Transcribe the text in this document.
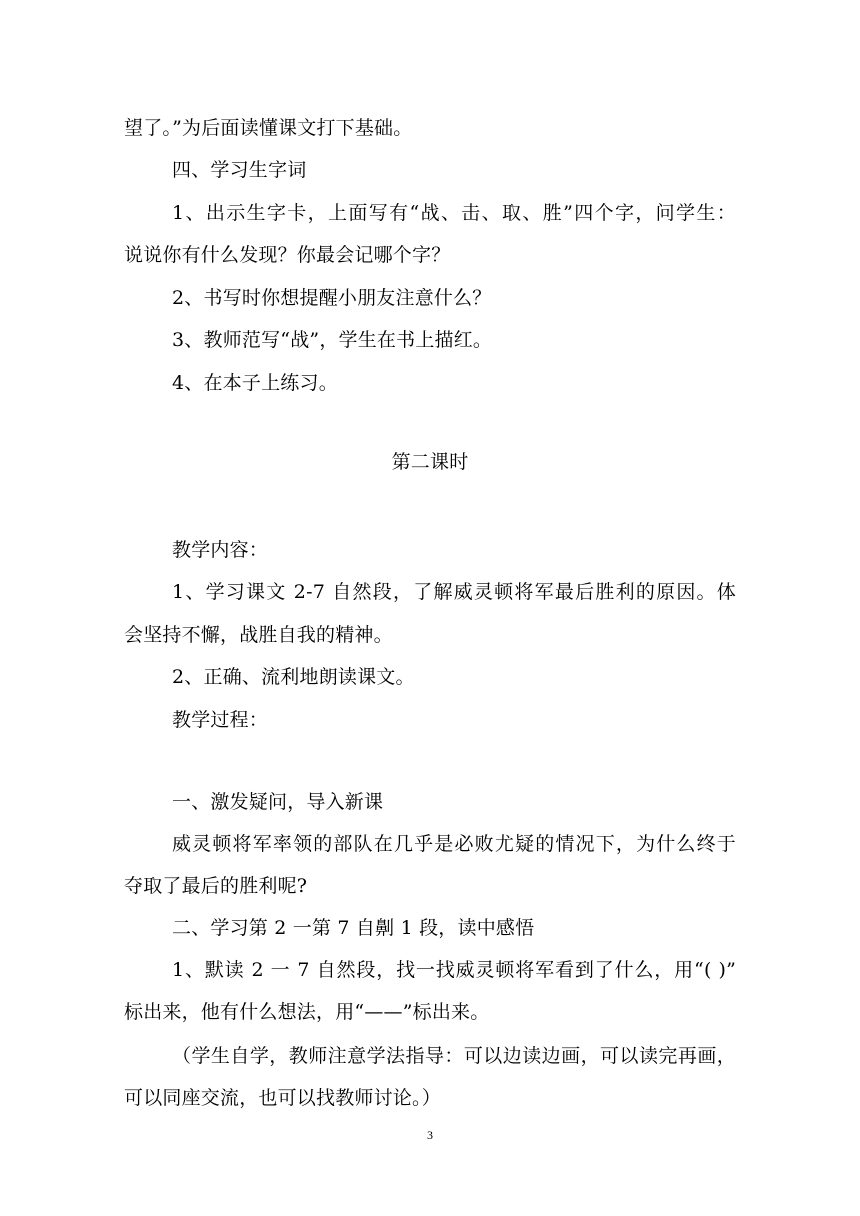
望了。”为后面读懂课文打下基础。
四、学习生字词
1、出示生字卡，上面写有“战、击、取、胜”四个字，问学生：
说说你有什么发现？你最会记哪个字？
2、书写时你想提醒小朋友注意什么？
3、教师范写“战”，学生在书上描红。
4、在本子上练习。
第二课时
教学内容：
1、学习课文 2-7 自然段，了解威灵顿将军最后胜利的原因。体
会坚持不懈，战胜自我的精神。
2、正确、流利地朗读课文。
教学过程：
一、激发疑问，导入新课
威灵顿将军率领的部队在几乎是必败尤疑的情况下，为什么终于
夺取了最后的胜利呢?
二、学习第 2 一第 7 自劓 1 段，读中感悟
1、默读 2 一 7 自然段，找一找威灵顿将军看到了什么，用“( )”
标出来，他有什么想法，用“——”标出来。
（学生自学，教师注意学法指导：可以边读边画，可以读完再画，
可以同座交流，也可以找教师讨论。）
3
